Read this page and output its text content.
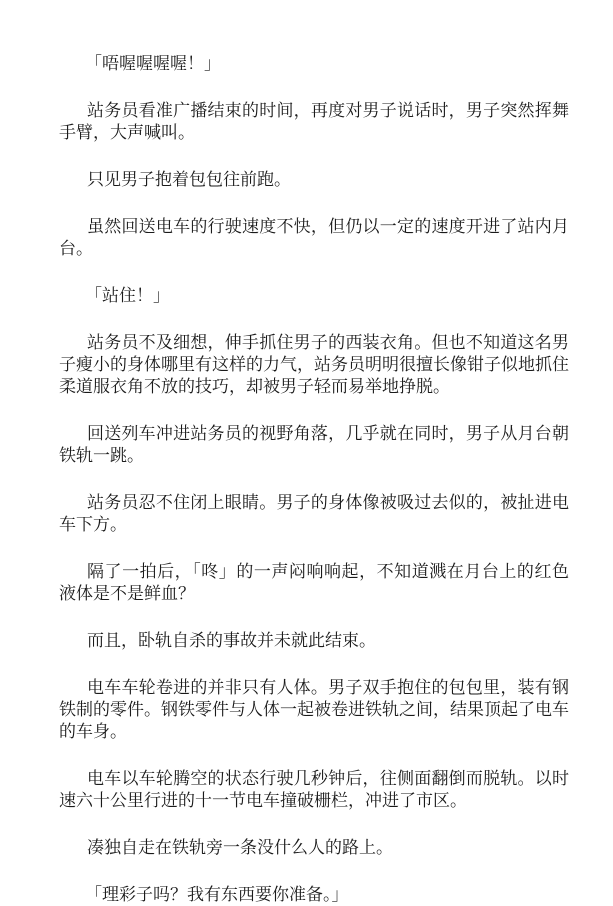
「唔喔喔喔喔！」

站务员看准广播结束的时间，再度对男子说话时，男子突然挥舞手臂，大声喊叫。

只见男子抱着包包往前跑。

虽然回送电车的行驶速度不快，但仍以一定的速度开进了站内月台。

「站住！」

站务员不及细想，伸手抓住男子的西装衣角。但也不知道这名男子瘦小的身体哪里有这样的力气，站务员明明很擅长像钳子似地抓住柔道服衣角不放的技巧，却被男子轻而易举地挣脱。

回送列车冲进站务员的视野角落，几乎就在同时，男子从月台朝铁轨一跳。

站务员忍不住闭上眼睛。男子的身体像被吸过去似的，被扯进电车下方。

隔了一拍后，「咚」的一声闷响响起，不知道溅在月台上的红色液体是不是鲜血？

而且，卧轨自杀的事故并未就此结束。

电车车轮卷进的并非只有人体。男子双手抱住的包包里，装有钢铁制的零件。钢铁零件与人体一起被卷进铁轨之间，结果顶起了电车的车身。

电车以车轮腾空的状态行驶几秒钟后，往侧面翻倒而脱轨。以时速六十公里行进的十一节电车撞破栅栏，冲进了市区。

凑独自走在铁轨旁一条没什么人的路上。

「理彩子吗？我有东西要你准备。」
